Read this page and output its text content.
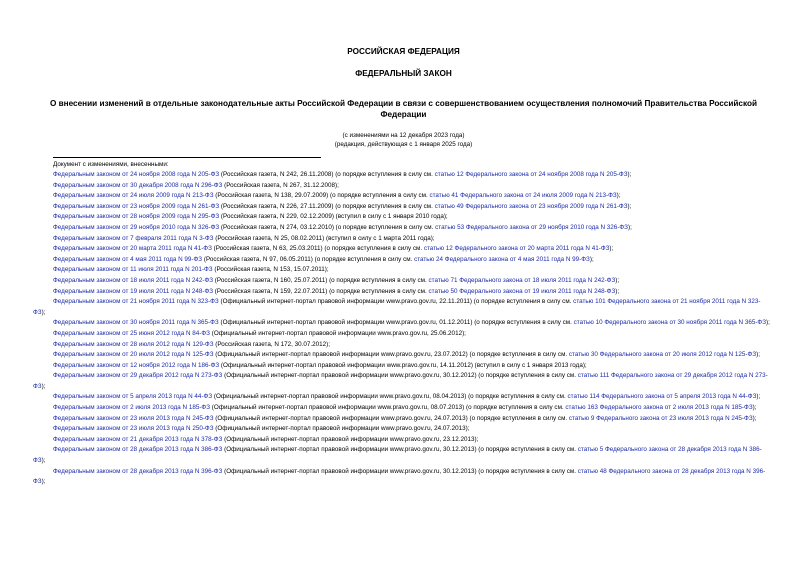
РОССИЙСКАЯ ФЕДЕРАЦИЯ
ФЕДЕРАЛЬНЫЙ ЗАКОН
О внесении изменений в отдельные законодательные акты Российской Федерации в связи с совершенствованием осуществления полномочий Правительства Российской Федерации
(с изменениями на 12 декабря 2023 года)
(редакция, действующая с 1 января 2025 года)
Документ с изменениями, внесенными:
Федеральным законом от 24 ноября 2008 года N 205-ФЗ (Российская газета, N 242, 26.11.2008) (о порядке вступления в силу см. статью 12 Федерального закона от 24 ноября 2008 года N 205-ФЗ);
Федеральным законом от 30 декабря 2008 года N 296-ФЗ (Российская газета, N 267, 31.12.2008);
Федеральным законом от 24 июля 2009 года N 213-ФЗ (Российская газета, N 138, 29.07.2009) (о порядке вступления в силу см. статью 41 Федерального закона от 24 июля 2009 года N 213-ФЗ);
Федеральным законом от 23 ноября 2009 года N 261-ФЗ (Российская газета, N 226, 27.11.2009) (о порядке вступления в силу см. статью 49 Федерального закона от 23 ноября 2009 года N 261-ФЗ);
Федеральным законом от 28 ноября 2009 года N 295-ФЗ (Российская газета, N 229, 02.12.2009) (вступил в силу с 1 января 2010 года);
Федеральным законом от 29 ноября 2010 года N 326-ФЗ (Российская газета, N 274, 03.12.2010) (о порядке вступления в силу см. статью 53 Федерального закона от 29 ноября 2010 года N 326-ФЗ);
Федеральным законом от 7 февраля 2011 года N 3-ФЗ (Российская газета, N 25, 08.02.2011) (вступил в силу с 1 марта 2011 года);
Федеральным законом от 20 марта 2011 года N 41-ФЗ (Российская газета, N 63, 25.03.2011) (о порядке вступления в силу см. статью 12 Федерального закона от 20 марта 2011 года N 41-ФЗ);
Федеральным законом от 4 мая 2011 года N 99-ФЗ (Российская газета, N 97, 06.05.2011) (о порядке вступления в силу см. статью 24 Федерального закона от 4 мая 2011 года N 99-ФЗ);
Федеральным законом от 11 июля 2011 года N 201-ФЗ (Российская газета, N 153, 15.07.2011);
Федеральным законом от 18 июля 2011 года N 242-ФЗ (Российская газета, N 160, 25.07.2011) (о порядке вступления в силу см. статью 71 Федерального закона от 18 июля 2011 года N 242-ФЗ);
Федеральным законом от 19 июля 2011 года N 248-ФЗ (Российская газета, N 159, 22.07.2011) (о порядке вступления в силу см. статью 50 Федерального закона от 19 июля 2011 года N 248-ФЗ);
Федеральным законом от 21 ноября 2011 года N 323-ФЗ (Официальный интернет-портал правовой информации www.pravo.gov.ru, 22.11.2011) (о порядке вступления в силу см. статью 101 Федерального закона от 21 ноября 2011 года N 323-ФЗ);
Федеральным законом от 30 ноября 2011 года N 365-ФЗ (Официальный интернет-портал правовой информации www.pravo.gov.ru, 01.12.2011) (о порядке вступления в силу см. статью 10 Федерального закона от 30 ноября 2011 года N 365-ФЗ);
Федеральным законом от 25 июня 2012 года N 84-ФЗ (Официальный интернет-портал правовой информации www.pravo.gov.ru, 25.06.2012);
Федеральным законом от 28 июля 2012 года N 129-ФЗ (Российская газета, N 172, 30.07.2012);
Федеральным законом от 20 июля 2012 года N 125-ФЗ (Официальный интернет-портал правовой информации www.pravo.gov.ru, 23.07.2012) (о порядке вступления в силу см. статью 30 Федерального закона от 20 июля 2012 года N 125-ФЗ);
Федеральным законом от 12 ноября 2012 года N 186-ФЗ (Официальный интернет-портал правовой информации www.pravo.gov.ru, 14.11.2012) (вступил в силу с 1 января 2013 года);
Федеральным законом от 29 декабря 2012 года N 273-ФЗ (Официальный интернет-портал правовой информации www.pravo.gov.ru, 30.12.2012) (о порядке вступления в силу см. статью 111 Федерального закона от 29 декабря 2012 года N 273-ФЗ);
Федеральным законом от 5 апреля 2013 года N 44-ФЗ (Официальный интернет-портал правовой информации www.pravo.gov.ru, 08.04.2013) (о порядке вступления в силу см. статью 114 Федерального закона от 5 апреля 2013 года N 44-ФЗ);
Федеральным законом от 2 июля 2013 года N 185-ФЗ (Официальный интернет-портал правовой информации www.pravo.gov.ru, 08.07.2013) (о порядке вступления в силу см. статью 163 Федерального закона от 2 июля 2013 года N 185-ФЗ);
Федеральным законом от 23 июля 2013 года N 245-ФЗ (Официальный интернет-портал правовой информации www.pravo.gov.ru, 24.07.2013) (о порядке вступления в силу см. статью 9 Федерального закона от 23 июля 2013 года N 245-ФЗ);
Федеральным законом от 23 июля 2013 года N 250-ФЗ (Официальный интернет-портал правовой информации www.pravo.gov.ru, 24.07.2013);
Федеральным законом от 21 декабря 2013 года N 378-ФЗ (Официальный интернет-портал правовой информации www.pravo.gov.ru, 23.12.2013);
Федеральным законом от 28 декабря 2013 года N 386-ФЗ (Официальный интернет-портал правовой информации www.pravo.gov.ru, 30.12.2013) (о порядке вступления в силу см. статью 5 Федерального закона от 28 декабря 2013 года N 386-ФЗ);
Федеральным законом от 28 декабря 2013 года N 396-ФЗ (Официальный интернет-портал правовой информации www.pravo.gov.ru, 30.12.2013) (о порядке вступления в силу см. статью 48 Федерального закона от 28 декабря 2013 года N 396-ФЗ);
